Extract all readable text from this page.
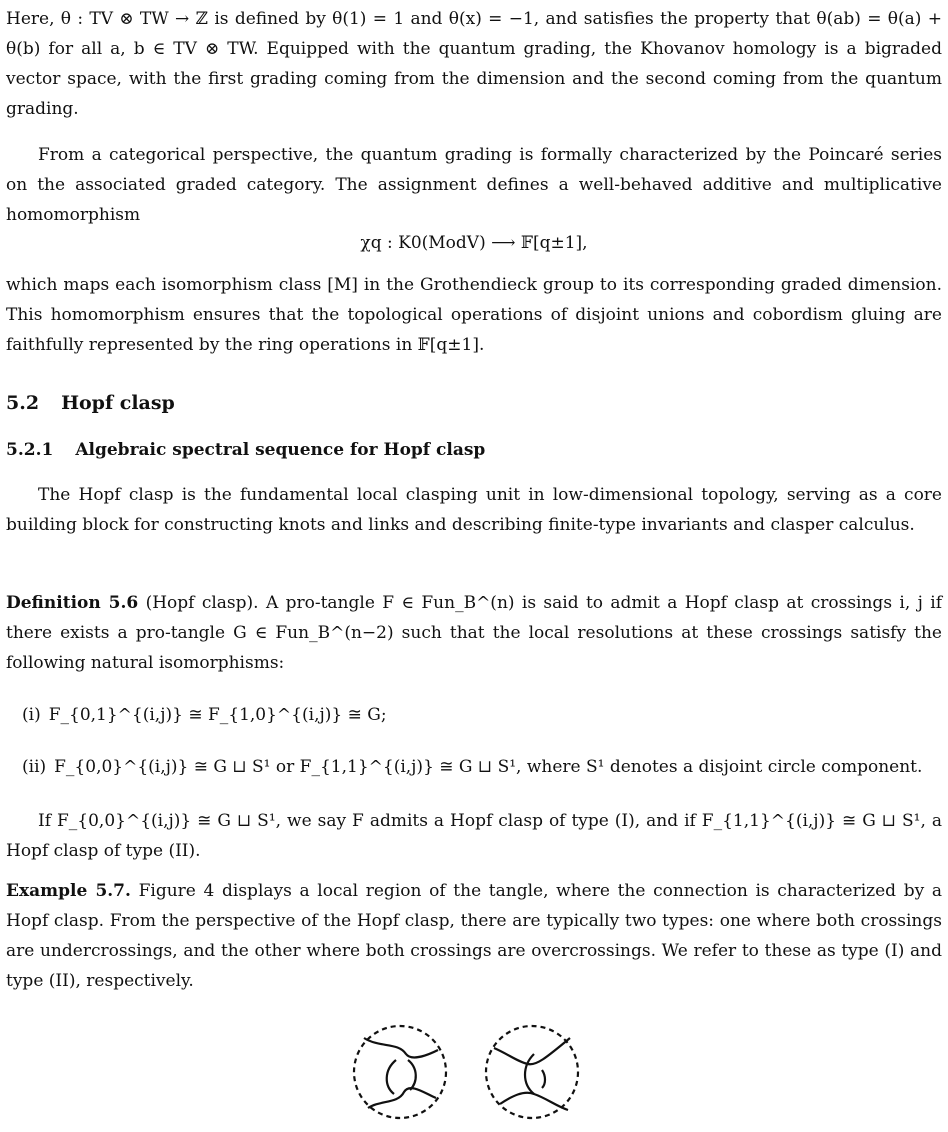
Here, θ : TV ⊗ TW → ℤ is defined by θ(1) = 1 and θ(x) = −1, and satisfies the property that θ(ab) = θ(a) + θ(b) for all a, b ∈ TV ⊗ TW. Equipped with the quantum grading, the Khovanov homology is a bigraded vector space, with the first grading coming from the dimension and the second coming from the quantum grading.

From a categorical perspective, the quantum grading is formally characterized by the Poincaré series on the associated graded category. The assignment defines a well-behaved additive and multiplicative homomorphism

χq : K0(ModV) ⟶ 𝔽[q±1],

which maps each isomorphism class [M] in the Grothendieck group to its corresponding graded dimension. This homomorphism ensures that the topological operations of disjoint unions and cobordism gluing are faithfully represented by the ring operations in 𝔽[q±1].

5.2 Hopf clasp
5.2.1 Algebraic spectral sequence for Hopf clasp

The Hopf clasp is the fundamental local clasping unit in low-dimensional topology, serving as a core building block for constructing knots and links and describing finite-type invariants and clasper calculus.

Definition 5.6 (Hopf clasp). A pro-tangle F ∈ Fun_B^(n) is said to admit a Hopf clasp at crossings i, j if there exists a pro-tangle G ∈ Fun_B^(n−2) such that the local resolutions at these crossings satisfy the following natural isomorphisms:

(i) F_{0,1}^{(i,j)} ≅ F_{1,0}^{(i,j)} ≅ G;
(ii) F_{0,0}^{(i,j)} ≅ G ⊔ S¹ or F_{1,1}^{(i,j)} ≅ G ⊔ S¹, where S¹ denotes a disjoint circle component.

If F_{0,0}^{(i,j)} ≅ G ⊔ S¹, we say F admits a Hopf clasp of type (I), and if F_{1,1}^{(i,j)} ≅ G ⊔ S¹, a Hopf clasp of type (II).

Example 5.7. Figure 4 displays a local region of the tangle, where the connection is characterized by a Hopf clasp. From the perspective of the Hopf clasp, there are typically two types: one where both crossings are undercrossings, and the other where both crossings are overcrossings. We refer to these as type (I) and type (II), respectively.
